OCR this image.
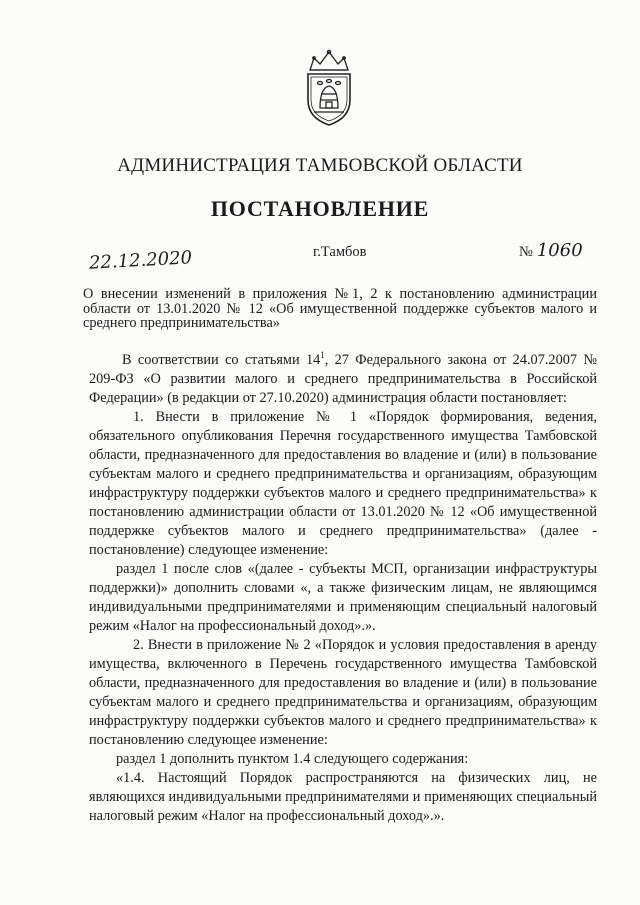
АДМИНИСТРАЦИЯ ТАМБОВСКОЙ ОБЛАСТИ
ПОСТАНОВЛЕНИЕ
22.12.2020	г.Тамбов	№ 1060
О внесении изменений в приложения №1, 2 к постановлению администрации области от 13.01.2020 № 12 «Об имущественной поддержке субъектов малого и среднего предпринимательства»

В соответствии со статьями $14^1$, 27 Федерального закона от 24.07.2007 № 209-ФЗ «О развитии малого и среднего предпринимательства в Российской Федерации» (в редакции от 27.10.2020) администрация области постановляет:

1. Внести в приложение № 1 «Порядок формирования, ведения, обязательного опубликования Перечня государственного имущества Тамбовской области, предназначенного для предоставления во владение и (или) в пользование субъектам малого и среднего предпринимательства и организациям, образующим инфраструктуру поддержки субъектов малого и среднего предпринимательства» к постановлению администрации области от 13.01.2020 № 12 «Об имущественной поддержке субъектов малого и среднего предпринимательства» (далее - постановление) следующее изменение:

раздел 1 после слов «(далее - субъекты МСП, организации инфраструктуры поддержки)» дополнить словами «, а также физическим лицам, не являющимся индивидуальными предпринимателями и применяющим специальный налоговый режим «Налог на профессиональный доход».».

2. Внести в приложение № 2 «Порядок и условия предоставления в аренду имущества, включенного в Перечень государственного имущества Тамбовской области, предназначенного для предоставления во владение и (или) в пользование субъектам малого и среднего предпринимательства и организациям, образующим инфраструктуру поддержки субъектов малого и среднего предпринимательства» к постановлению следующее изменение:

раздел 1 дополнить пунктом 1.4 следующего содержания:

«1.4. Настоящий Порядок распространяются на физических лиц, не являющихся индивидуальными предпринимателями и применяющих специальный налоговый режим «Налог на профессиональный доход».».
